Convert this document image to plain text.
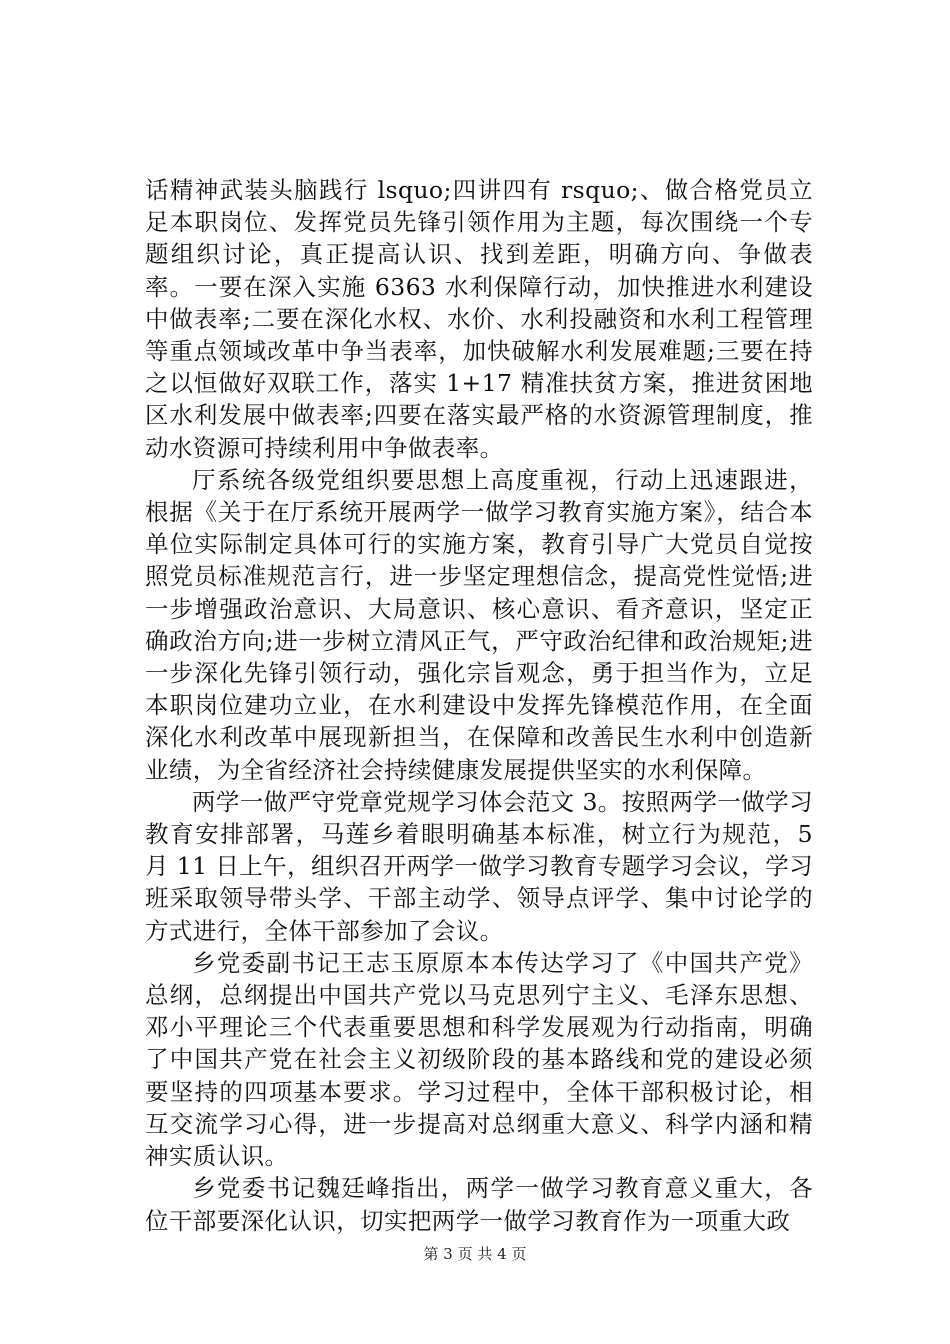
话精神武装头脑践行 lsquo;四讲四有 rsquo;、做合格党员立足本职岗位、发挥党员先锋引领作用为主题，每次围绕一个专题组织讨论，真正提高认识、找到差距，明确方向、争做表率。一要在深入实施 6363 水利保障行动，加快推进水利建设中做表率;二要在深化水权、水价、水利投融资和水利工程管理等重点领域改革中争当表率，加快破解水利发展难题;三要在持之以恒做好双联工作，落实 1+17 精准扶贫方案，推进贫困地区水利发展中做表率;四要在落实最严格的水资源管理制度，推动水资源可持续利用中争做表率。

厅系统各级党组织要思想上高度重视，行动上迅速跟进，根据《关于在厅系统开展两学一做学习教育实施方案》，结合本单位实际制定具体可行的实施方案，教育引导广大党员自觉按照党员标准规范言行，进一步坚定理想信念，提高党性觉悟;进一步增强政治意识、大局意识、核心意识、看齐意识，坚定正确政治方向;进一步树立清风正气，严守政治纪律和政治规矩;进一步深化先锋引领行动，强化宗旨观念，勇于担当作为，立足本职岗位建功立业，在水利建设中发挥先锋模范作用，在全面深化水利改革中展现新担当，在保障和改善民生水利中创造新业绩，为全省经济社会持续健康发展提供坚实的水利保障。

两学一做严守党章党规学习体会范文 3。按照两学一做学习教育安排部署，马莲乡着眼明确基本标准，树立行为规范，5 月 11 日上午，组织召开两学一做学习教育专题学习会议，学习班采取领导带头学、干部主动学、领导点评学、集中讨论学的方式进行，全体干部参加了会议。

乡党委副书记王志玉原原本本传达学习了《中国共产党》总纲，总纲提出中国共产党以马克思列宁主义、毛泽东思想、邓小平理论三个代表重要思想和科学发展观为行动指南，明确了中国共产党在社会主义初级阶段的基本路线和党的建设必须要坚持的四项基本要求。学习过程中，全体干部积极讨论，相互交流学习心得，进一步提高对总纲重大意义、科学内涵和精神实质认识。

乡党委书记魏廷峰指出，两学一做学习教育意义重大，各位干部要深化认识，切实把两学一做学习教育作为一项重大政

第 3 页 共 4 页
